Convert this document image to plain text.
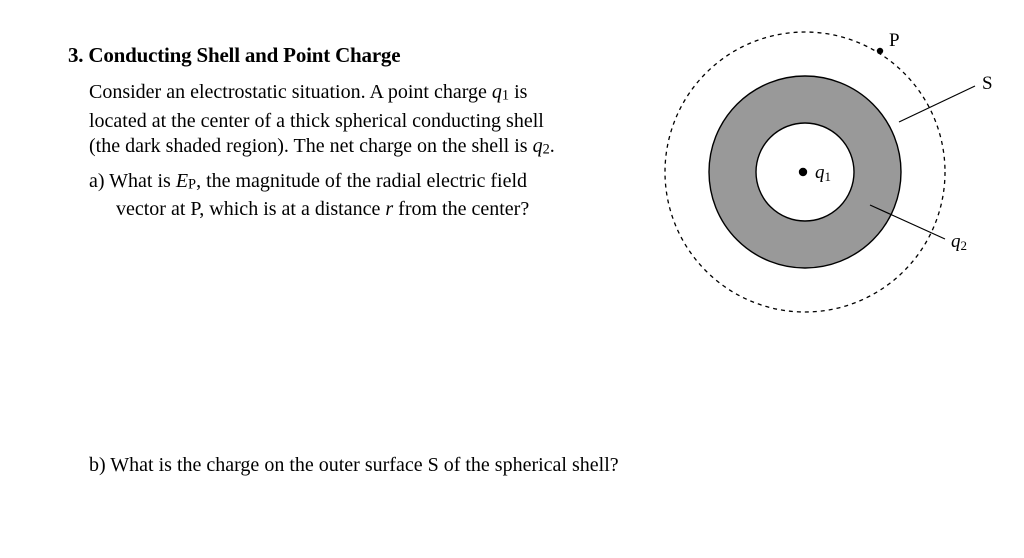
3. Conducting Shell and Point Charge
Consider an electrostatic situation. A point charge q1 is
located at the center of a thick spherical conducting shell
(the dark shaded region). The net charge on the shell is q2.
a) What is EP, the magnitude of the radial electric field
vector at P, which is at a distance r from the center?
b) What is the charge on the outer surface S of the spherical shell?
q1
P
S
q2
